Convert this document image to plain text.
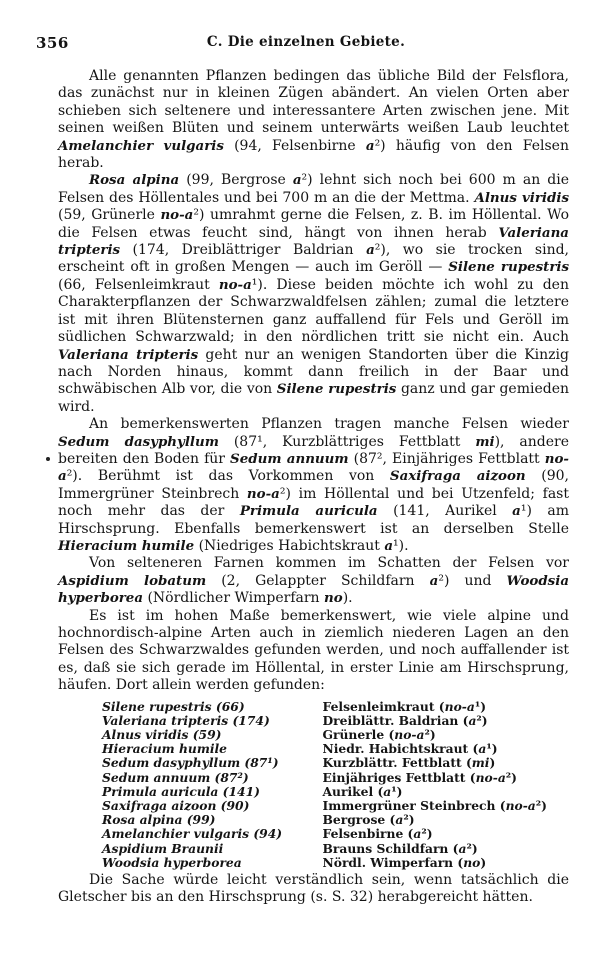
356	C. Die einzelnen Gebiete.

Alle genannten Pflanzen bedingen das übliche Bild der Felsflora, das zunächst nur in kleinen Zügen abändert. An vielen Orten aber schieben sich seltenere und interessantere Arten zwischen jene. Mit seinen weißen Blüten und seinem unterwärts weißen Laub leuchtet Amelanchier vulgaris (94, Felsenbirne a²) häufig von den Felsen herab.

Rosa alpina (99, Bergrose a²) lehnt sich noch bei 600 m an die Felsen des Höllentales und bei 700 m an die der Mettma. Alnus viridis (59, Grünerle no-a²) umrahmt gerne die Felsen, z. B. im Höllental. Wo die Felsen etwas feucht sind, hängt von ihnen herab Valeriana tripteris (174, Dreiblättriger Baldrian a²), wo sie trocken sind, erscheint oft in großen Mengen — auch im Geröll — Silene rupestris (66, Felsenleimkraut no-a¹). Diese beiden möchte ich wohl zu den Charakterpflanzen der Schwarzwaldfelsen zählen; zumal die letztere ist mit ihren Blütensternen ganz auffallend für Fels und Geröll im südlichen Schwarzwald; in den nördlichen tritt sie nicht ein. Auch Valeriana tripteris geht nur an wenigen Standorten über die Kinzig nach Norden hinaus, kommt dann freilich in der Baar und schwäbischen Alb vor, die von Silene rupestris ganz und gar gemieden wird.

An bemerkenswerten Pflanzen tragen manche Felsen wieder Sedum dasyphyllum (87¹, Kurzblättriges Fettblatt mi), andere bereiten den Boden für Sedum annuum (87², Einjähriges Fettblatt no-a²). Berühmt ist das Vorkommen von Saxifraga aizoon (90, Immergrüner Steinbrech no-a²) im Höllental und bei Utzenfeld; fast noch mehr das der Primula auricula (141, Aurikel a¹) am Hirschsprung. Ebenfalls bemerkenswert ist an derselben Stelle Hieracium humile (Niedriges Habichtskraut a¹).

Von selteneren Farnen kommen im Schatten der Felsen vor Aspidium lobatum (2, Gelappter Schildfarn a²) und Woodsia hyperborea (Nördlicher Wimperfarn no).

Es ist im hohen Maße bemerkenswert, wie viele alpine und hochnordisch-alpine Arten auch in ziemlich niederen Lagen an den Felsen des Schwarzwaldes gefunden werden, und noch auffallender ist es, daß sie sich gerade im Höllental, in erster Linie am Hirschsprung, häufen. Dort allein werden gefunden:

Silene rupestris (66)	Felsenleimkraut (no-a¹)
Valeriana tripteris (174)	Dreiblättr. Baldrian (a²)
Alnus viridis (59)	Grünerle (no-a²)
Hieracium humile	Niedr. Habichtskraut (a¹)
Sedum dasyphyllum (87¹)	Kurzblättr. Fettblatt (mi)
Sedum annuum (87²)	Einjähriges Fettblatt (no-a²)
Primula auricula (141)	Aurikel (a¹)
Saxifraga aizoon (90)	Immergrüner Steinbrech (no-a²)
Rosa alpina (99)	Bergrose (a²)
Amelanchier vulgaris (94)	Felsenbirne (a²)
Aspidium Braunii	Brauns Schildfarn (a²)
Woodsia hyperborea	Nördl. Wimperfarn (no)

Die Sache würde leicht verständlich sein, wenn tatsächlich die Gletscher bis an den Hirschsprung (s. S. 32) herabgereicht hätten.
